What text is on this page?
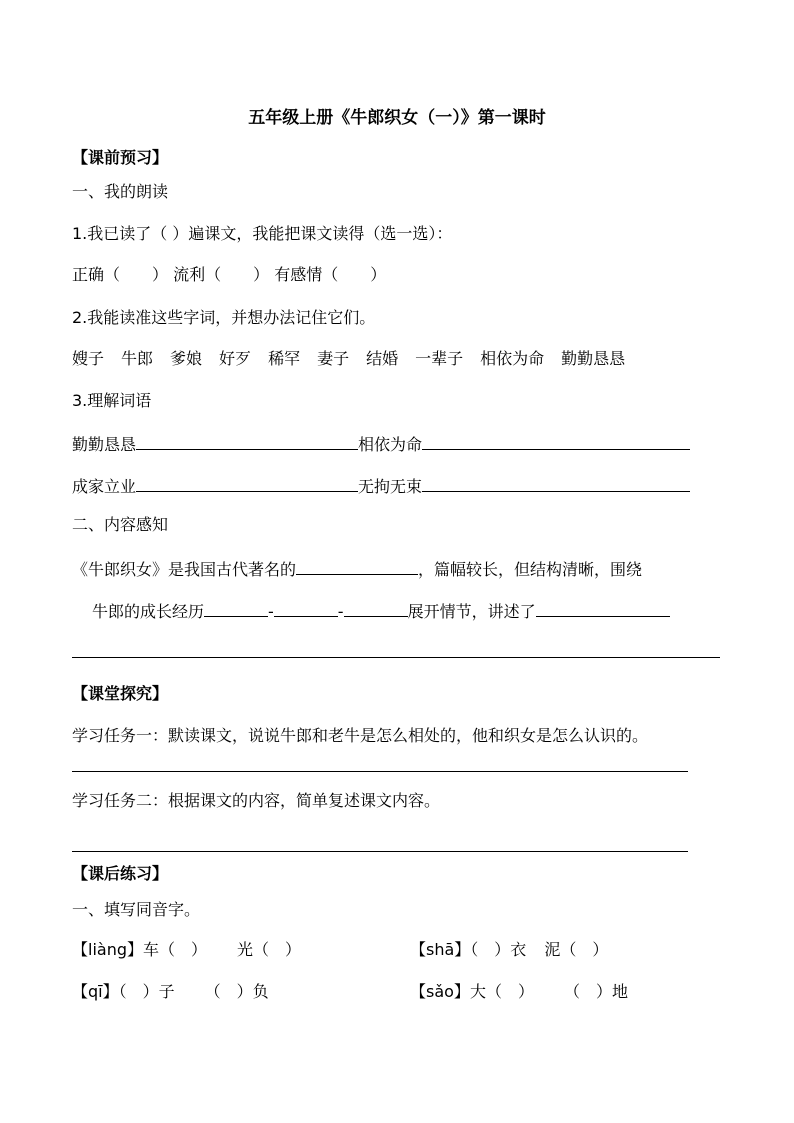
五年级上册《牛郎织女（一）》第一课时
【课前预习】
一、我的朗读
1.我已读了（ ）遍课文，我能把课文读得（选一选）：
正确（　　） 流利（　　） 有感情（　　）
2.我能读准这些字词，并想办法记住它们。
嫂子 牛郎 爹娘 好歹 稀罕 妻子 结婚 一辈子 相依为命 勤勤恳恳
3.理解词语
勤勤恳恳	相依为命
成家立业	无拘无束
二、内容感知
《牛郎织女》是我国古代著名的	，篇幅较长，但结构清晰，围绕
牛郎的成长经历	-	-	展开情节，讲述了
【课堂探究】
学习任务一：默读课文，说说牛郎和老牛是怎么相处的，他和织女是怎么认识的。
学习任务二：根据课文的内容，简单复述课文内容。
【课后练习】
一、填写同音字。
【liàng】车（　） 光（　）	【shā】（　）衣 泥（　）
【qī】（　）子 （　）负	【sǎo】大（　） （　）地
